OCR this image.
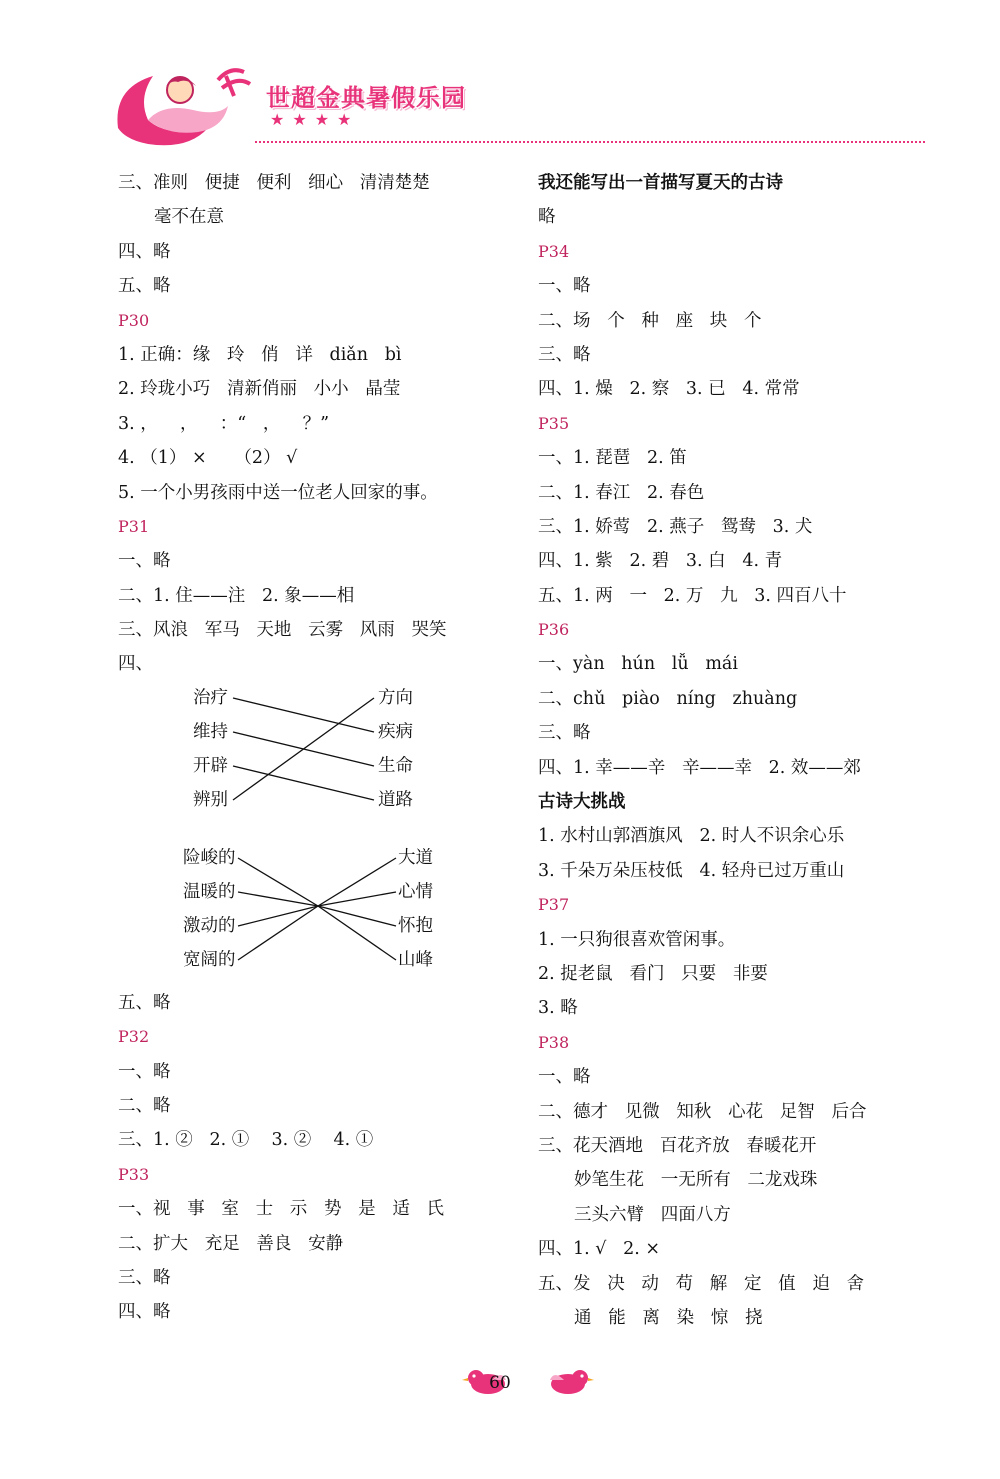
世超金典暑假乐园
★★★★
三、准则   便捷   便利   细心   清清楚楚
毫不在意
四、略
五、略
P30
1. 正确：缘   玲   俏   详   diǎn   bì
2. 玲珑小巧   清新俏丽   小小   晶莹
3. ，    ，    ：“   ，    ？”
4. （1） ×     （2） √
5. 一个小男孩雨中送一位老人回家的事。
P31
一、略
二、1. 住——注   2. 象——相
三、风浪   军马   天地   云雾   风雨   哭笑
四、
治疗
维持
开辟
辨别
方向
疾病
生命
道路
险峻的
温暖的
激动的
宽阔的
大道
心情
怀抱
山峰
五、略
P32
一、略
二、略
三、1. ②   2. ①    3. ②    4. ①
P33
一、视   事   室   士   示   势   是   适   氏
二、扩大   充足   善良   安静
三、略
四、略
我还能写出一首描写夏天的古诗
略
P34
一、略
二、场   个   种   座   块   个
三、略
四、1. 燥   2. 察   3. 已   4. 常常
P35
一、1. 琵琶   2. 笛
二、1. 春江   2. 春色
三、1. 娇莺   2. 燕子   鸳鸯   3. 犬
四、1. 紫   2. 碧   3. 白   4. 青
五、1. 两   一   2. 万   九   3. 四百八十
P36
一、yàn   hún   lǚ   mái
二、chǔ   piào   níng   zhuàng
三、略
四、1. 幸——辛   辛——幸   2. 效——郊
古诗大挑战
1. 水村山郭酒旗风   2. 时人不识余心乐
3. 千朵万朵压枝低   4. 轻舟已过万重山
P37
1. 一只狗很喜欢管闲事。
2. 捉老鼠   看门   只要   非要
3. 略
P38
一、略
二、德才   见微   知秋   心花   足智   后合
三、花天酒地   百花齐放   春暖花开
妙笔生花   一无所有   二龙戏珠
三头六臂   四面八方
四、1. √   2. ×
五、发   决   动   苟   解   定   值   迫   舍
通   能   离   染   惊   挠
60
